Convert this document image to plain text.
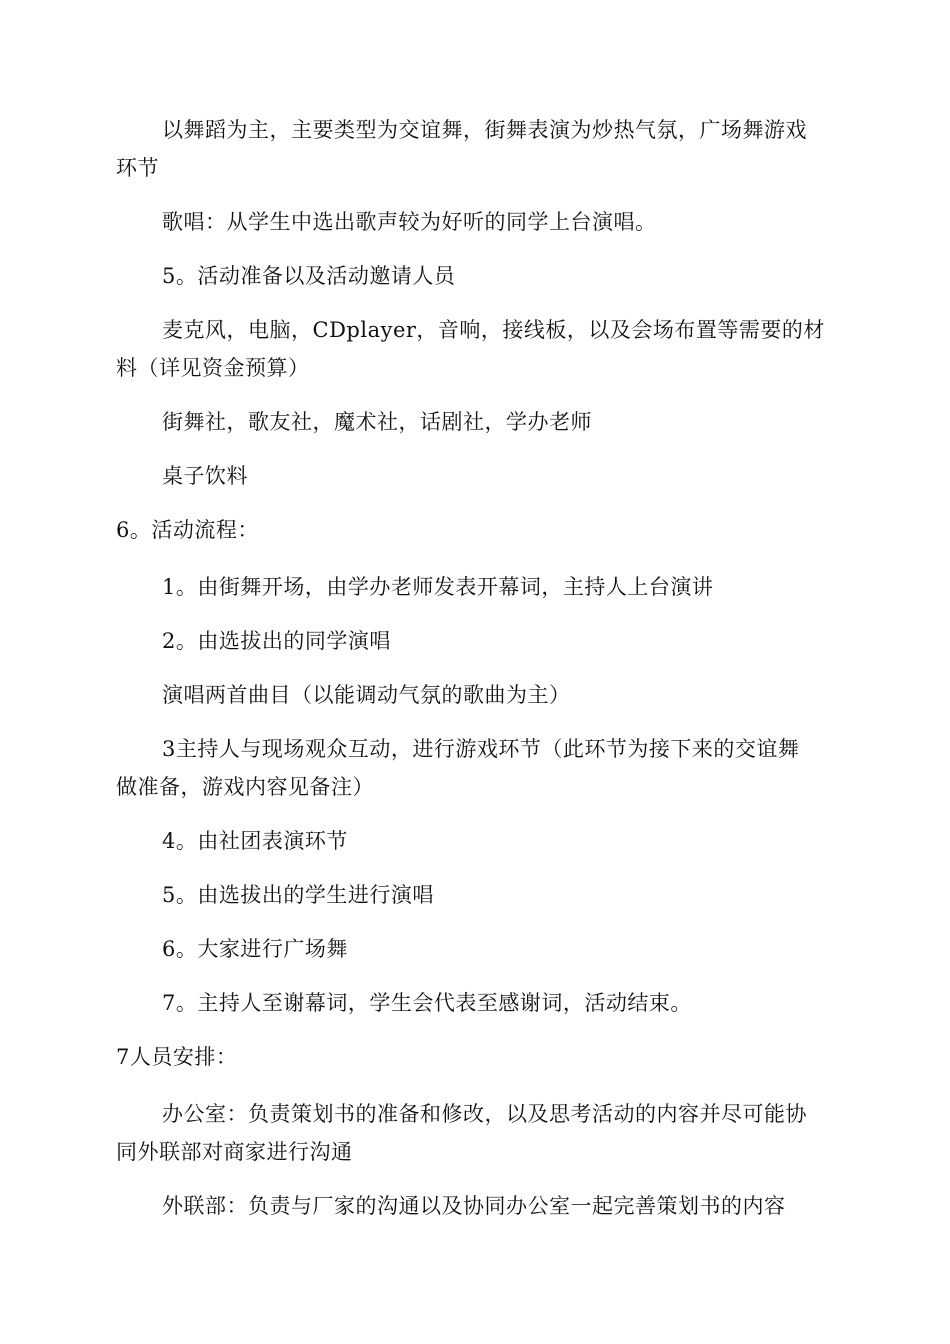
以舞蹈为主，主要类型为交谊舞，街舞表演为炒热气氛，广场舞游戏
环节
歌唱：从学生中选出歌声较为好听的同学上台演唱。
5。活动准备以及活动邀请人员
麦克风，电脑，CDplayer，音响，接线板，以及会场布置等需要的材
料（详见资金预算）
街舞社，歌友社，魔术社，话剧社，学办老师
桌子饮料
6。活动流程：
1。由街舞开场，由学办老师发表开幕词，主持人上台演讲
2。由选拔出的同学演唱
演唱两首曲目（以能调动气氛的歌曲为主）
3主持人与现场观众互动，进行游戏环节（此环节为接下来的交谊舞
做准备，游戏内容见备注）
4。由社团表演环节
5。由选拔出的学生进行演唱
6。大家进行广场舞
7。主持人至谢幕词，学生会代表至感谢词，活动结束。
7人员安排：
办公室：负责策划书的准备和修改，以及思考活动的内容并尽可能协
同外联部对商家进行沟通
外联部：负责与厂家的沟通以及协同办公室一起完善策划书的内容
